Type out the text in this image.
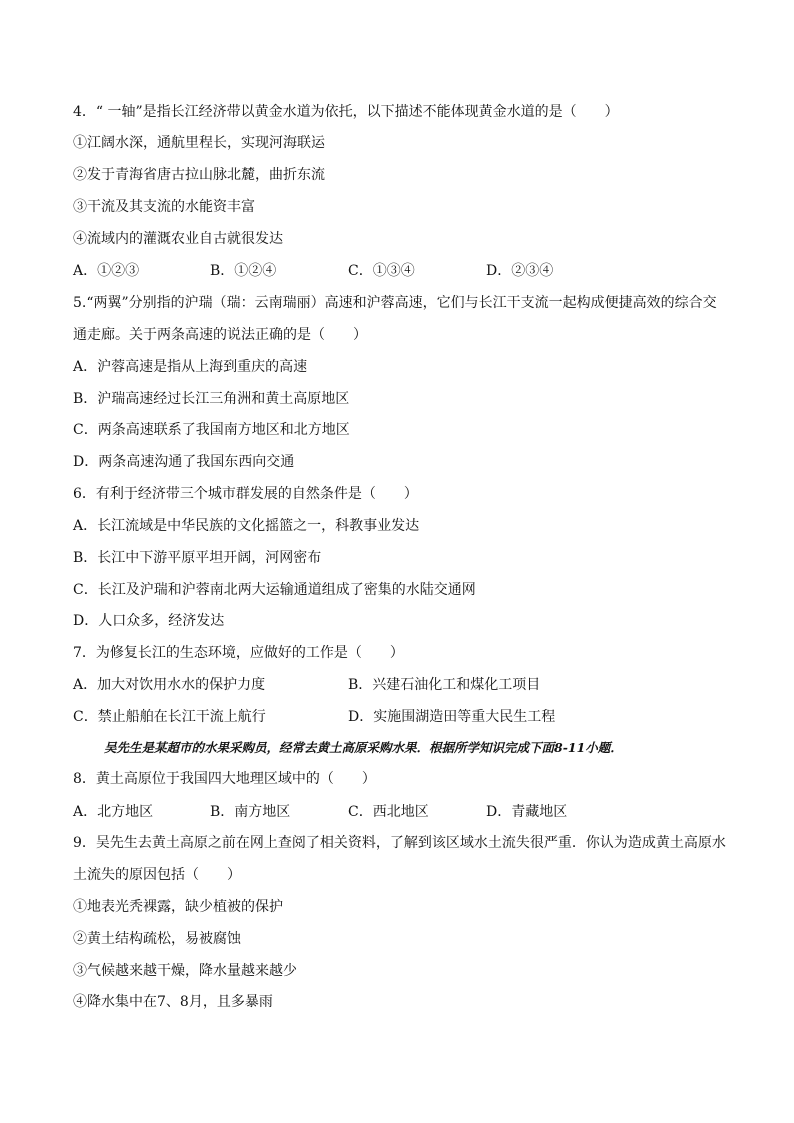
4．“ 一轴”是指长江经济带以黄金水道为依托，以下描述不能体现黄金水道的是（　　）
①江阔水深，通航里程长，实现河海联运
②发于青海省唐古拉山脉北麓，曲折东流
③干流及其支流的水能资丰富
④流域内的灌溉农业自古就很发达
A．①②③	B．①②④	C．①③④	D．②③④
5.“两翼”分别指的沪瑞（瑞：云南瑞丽）高速和沪蓉高速，它们与长江干支流一起构成便捷高效的综合交
通走廊。关于两条高速的说法正确的是（　　）
A．沪蓉高速是指从上海到重庆的高速
B．沪瑞高速经过长江三角洲和黄土高原地区
C．两条高速联系了我国南方地区和北方地区
D．两条高速沟通了我国东西向交通
6．有利于经济带三个城市群发展的自然条件是（　　）
A．长江流域是中华民族的文化摇篮之一，科教事业发达
B．长江中下游平原平坦开阔，河网密布
C．长江及沪瑞和沪蓉南北两大运输通道组成了密集的水陆交通网
D．人口众多，经济发达
7．为修复长江的生态环境，应做好的工作是（　　）
A．加大对饮用水水的保护力度	B．兴建石油化工和煤化工项目
C．禁止船舶在长江干流上航行	D．实施围湖造田等重大民生工程
吴先生是某超市的水果采购员，经常去黄土高原采购水果．根据所学知识完成下面8-11小题．
8．黄土高原位于我国四大地理区域中的（　　）
A．北方地区	B．南方地区	C．西北地区	D．青藏地区
9．吴先生去黄土高原之前在网上查阅了相关资料，了解到该区域水土流失很严重．你认为造成黄土高原水
土流失的原因包括（　　）
①地表光秃裸露，缺少植被的保护
②黄土结构疏松，易被腐蚀
③气候越来越干燥，降水量越来越少
④降水集中在7、8月，且多暴雨
